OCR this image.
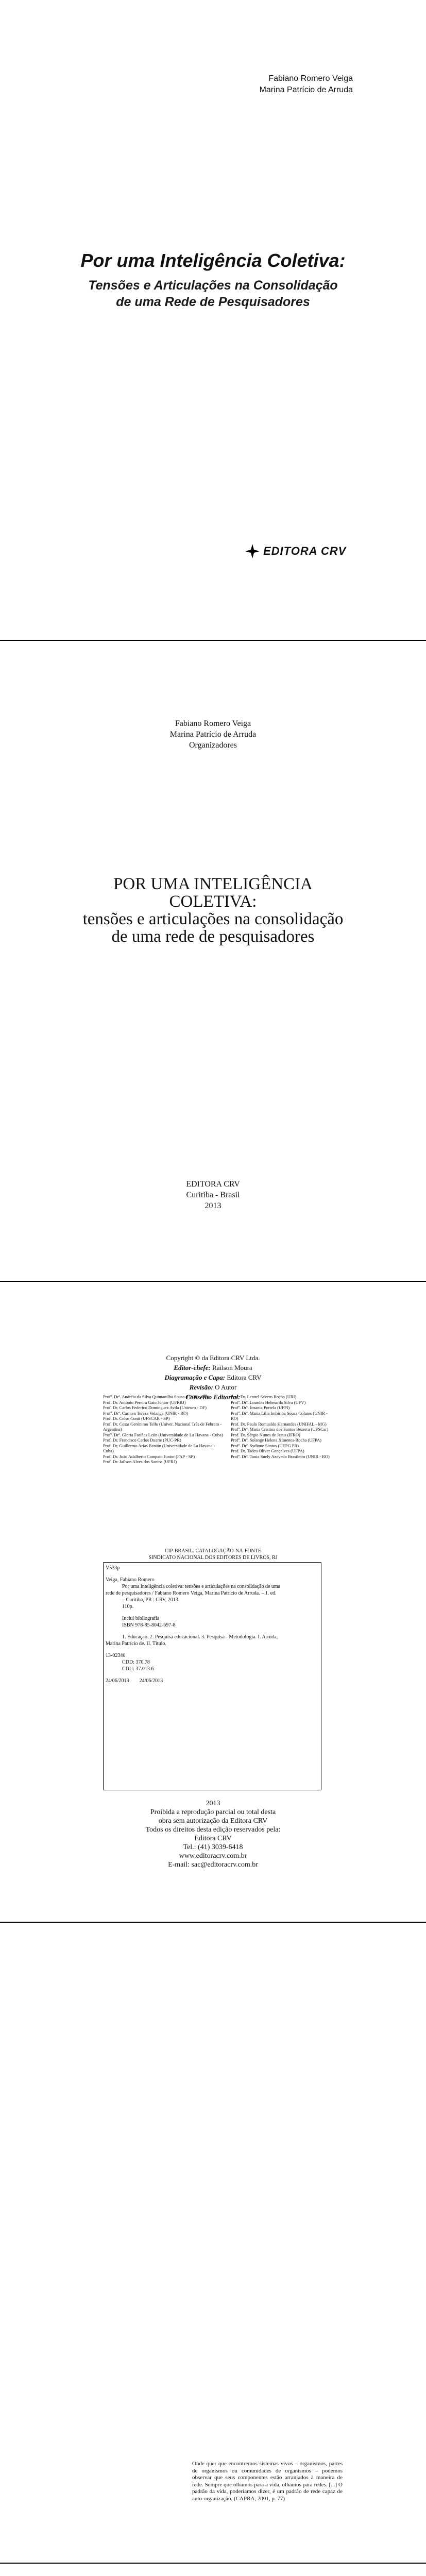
Fabiano Romero Veiga
Marina Patrício de Arruda
Por uma Inteligência Coletiva:
Tensões e Articulações na Consolidação
de uma Rede de Pesquisadores
EDITORA CRV
Fabiano Romero Veiga
Marina Patrício de Arruda
Organizadores
POR UMA INTELIGÊNCIA
COLETIVA:
tensões e articulações na consolidação
de uma rede de pesquisadores
EDITORA CRV
Curitiba - Brasil
2013
Copyright © da Editora CRV Ltda.
Editor-chefe: Railson Moura
Diagramação e Capa: Editora CRV
Revisão: O Autor
Conselho Editorial:
Profª. Drª. Andréia da Silva Quintanilha Sousa (UNIR - RO)
Prof. Dr. Antônio Pereira Gaio Júnior (UFRRJ)
Prof. Dr. Carlos Federico Dominguez Avila (Unieuro - DF)
Profª. Drª. Carmen Tereza Velanga (UNIR - RO)
Prof. Dr. Celso Conti (UFSCAR - SP)
Prof. Dr. Cesar Gerónimo Tello (Univer. Nacional Três de Febrero - Argentina)
Profª. Drª. Gloria Fariñas León (Universidade de La Havana - Cuba)
Prof. Dr. Francisco Carlos Duarte (PUC-PR)
Prof. Dr. Guillermo Arias Beatón (Universidade de La Havana - Cuba)
Prof. Dr. João Adalberto Campato Junior (FAP - SP)
Prof. Dr. Jailson Alves dos Santos (UFRJ)
Prof. Dr. Leonel Severo Rocha (URI)
Profª. Drª. Lourdes Helena da Silva (UFV)
Profª. Drª. Josania Portela (UFPI)
Profª. Drª. Maria Lília Imbiriba Sousa Colares (UNIR - RO)
Prof. Dr. Paulo Romualdo Hernandes (UNIFAL - MG)
Profª. Drª. Maria Cristina dos Santos Bezerra (UFSCar)
Prof. Dr. Sérgio Nunes de Jesus (IFRO)
Profª. Drª. Solange Helena Ximenes-Rocha (UFPA)
Profª. Drª. Sydione Santos (UEPG PR)
Prof. Dr. Tadeu Oliver Gonçalves (UFPA)
Profª. Drª. Tania Suely Azevedo Brasileiro (UNIR - RO)
CIP-BRASIL. CATALOGAÇÃO-NA-FONTE
SINDICATO NACIONAL DOS EDITORES DE LIVROS, RJ
V533p
Veiga, Fabiano Romero
Por uma inteligência coletiva: tensões e articulações na consolidação de uma
rede de pesquisadores / Fabiano Romero Veiga, Marina Patrício de Arruda. – 1. ed.
– Curitiba, PR : CRV, 2013.
110p.
Inclui bibliografia
ISBN 978-85-8042-697-8
1. Educação. 2. Pesquisa educacional. 3. Pesquisa - Metodologia. I. Arruda,
Marina Patrício de. II. Título.
13-02340
CDD: 370.78
CDU: 37.013.6
24/06/2013 24/06/2013
2013
Proibida a reprodução parcial ou total desta
obra sem autorização da Editora CRV
Todos os direitos desta edição reservados pela:
Editora CRV
Tel.: (41) 3039-6418
www.editoracrv.com.br
E-mail: sac@editoracrv.com.br
Onde quer que encontremos sistemas vivos – organismos, partes de organismos ou comunidades de organismos – podemos observar que seus componentes estão arranjados à maneira de rede. Sempre que olhamos para a vida, olhamos para redes. [...] O padrão da vida, poderíamos dizer, é um padrão de rede capaz de auto-organização. (CAPRA, 2001, p. 77)
